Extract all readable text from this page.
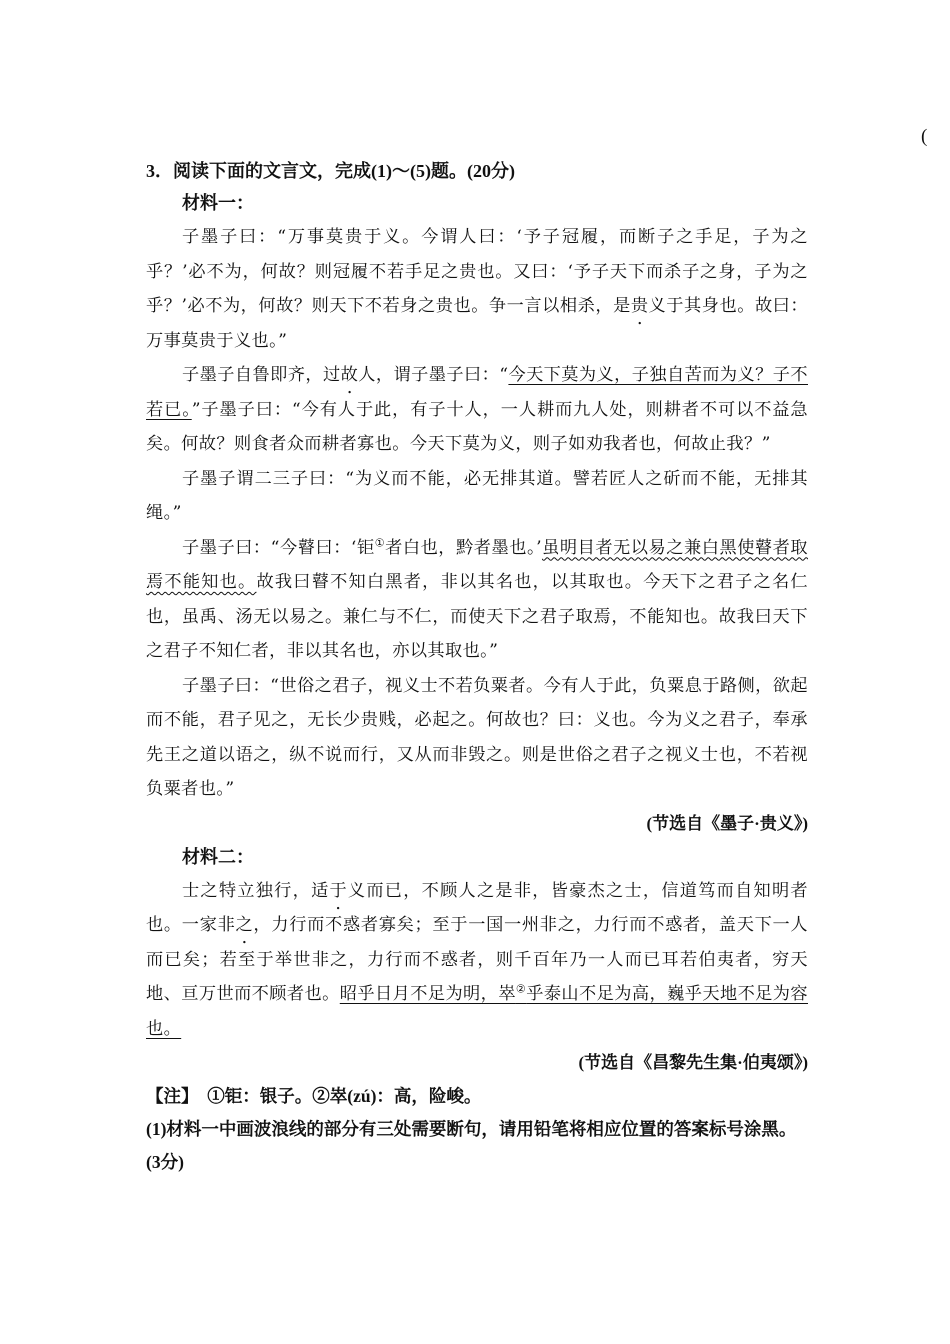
(
3．阅读下面的文言文，完成(1)～(5)题。(20分)
材料一：

子墨子曰：“万事莫贵于义。今谓人曰：‘予子冠履，而断子之手足，子为之乎？’必不为，何故？则冠履不若手足之贵也。又曰：‘予子天下而杀子之身，子为之乎？’必不为，何故？则天下不若身之贵也。争一言以相杀，是贵义于其身也。故曰：万事莫贵于义也。”

子墨子自鲁即齐，过故人，谓子墨子曰：“今天下莫为义，子独自苦而为义？子不若已。”子墨子曰：“今有人于此，有子十人，一人耕而九人处，则耕者不可以不益急矣。何故？则食者众而耕者寡也。今天下莫为义，则子如劝我者也，何故止我？”

子墨子谓二三子曰：“为义而不能，必无排其道。譬若匠人之斫而不能，无排其绳。”

子墨子曰：“今瞽曰：‘钜①者白也，黔者墨也。’虽明目者无以易之兼白黑使瞽者取焉不能知也。故我曰瞽不知白黑者，非以其名也，以其取也。今天下之君子之名仁也，虽禹、汤无以易之。兼仁与不仁，而使天下之君子取焉，不能知也。故我曰天下之君子不知仁者，非以其名也，亦以其取也。”

子墨子曰：“世俗之君子，视义士不若负粟者。今有人于此，负粟息于路侧，欲起而不能，君子见之，无长少贵贱，必起之。何故也？曰：义也。今为义之君子，奉承先王之道以语之，纵不说而行，又从而非毁之。则是世俗之君子之视义士也，不若视负粟者也。”

(节选自《墨子·贵义》)
材料二：

士之特立独行，适于义而已，不顾人之是非，皆豪杰之士，信道笃而自知明者也。一家非之，力行而不惑者寡矣；至于一国一州非之，力行而不惑者，盖天下一人而已矣；若至于举世非之，力行而不惑者，则千百年乃一人而已耳若伯夷者，穷天地、亘万世而不顾者也。昭乎日月不足为明，崒②乎泰山不足为高，巍乎天地不足为容也。

(节选自《昌黎先生集·伯夷颂》)
【注】　①钜：银子。②崒(zú)：高，险峻。
(1)材料一中画波浪线的部分有三处需要断句，请用铅笔将相应位置的答案标号涂黑。(3分)
